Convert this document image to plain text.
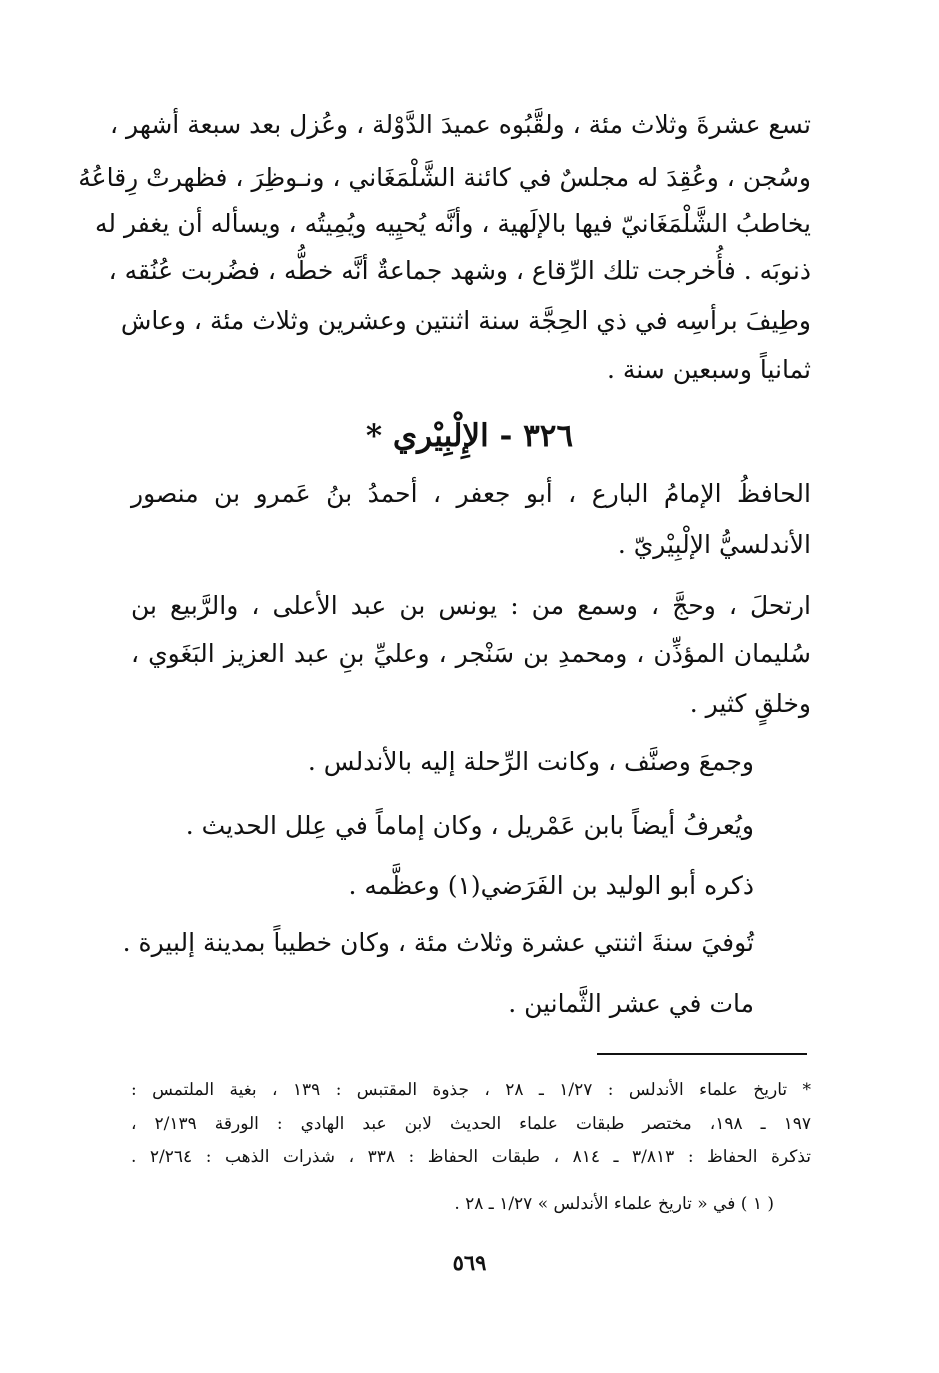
تسع عشرةَ وثلاث مئة ، ولقَّبُوه عميدَ الدَّوْلة ، وعُزل بعد سبعة أشهر ،
وسُجن ، وعُقِدَ له مجلسٌ في كائنة الشَّلْمَغَاني ، ونـوظِرَ ، فظهرتْ رِقاعُهُ
يخاطبُ الشَّلْمَغَانيّ فيها بالإلَهية ، وأنَّه يُحيِيه ويُمِيتُه ، ويسأله أن يغفر له
ذنوبَه . فأُخرجت تلك الرِّقاع ، وشهد جماعةٌ أنَّه خطُّه ، فضُربت عُنُقه ،
وطِيفَ برأسِه في ذي الحِجَّة سنة اثنتين وعشرين وثلاث مئة ، وعاش
ثمانياً وسبعين سنة .
٣٢٦ - الإِلْبِيْري *
الحافظُ الإمامُ البارع ، أبو جعفر ، أحمدُ بنُ عَمرو بن منصور
الأندلسيُّ الإلْبِيْريّ .
ارتحلَ ، وحجَّ ، وسمع من : يونس بن عبد الأعلى ، والرَّبيع بن
سُليمان المؤذِّن ، ومحمدِ بن سَنْجر ، وعليِّ بنِ عبد العزيز البَغَوي ،
وخلقٍ كثير .
وجمعَ وصنَّف ، وكانت الرِّحلة إليه بالأندلس .
ويُعرفُ أيضاً بابن عَمْريل ، وكان إماماً في عِلل الحديث .
ذكره أبو الوليد بن الفَرَضي(١) وعظَّمه .
تُوفيَ سنةَ اثنتي عشرة وثلاث مئة ، وكان خطيباً بمدينة إلبيرة .
مات في عشر الثَّمانين .
* تاريخ علماء الأندلس : ١/٢٧ ـ ٢٨ ، جذوة المقتبس : ١٣٩ ، بغية الملتمس :
١٩٧ ـ ١٩٨، مختصر طبقات علماء الحديث لابن عبد الهادي : الورقة ٢/١٣٩ ،
تذكرة الحفاظ : ٣/٨١٣ ـ ٨١٤ ، طبقات الحفاظ : ٣٣٨ ، شذرات الذهب : ٢/٢٦٤ .
( ١ ) في « تاريخ علماء الأندلس » ١/٢٧ ـ ٢٨ .
٥٦٩
